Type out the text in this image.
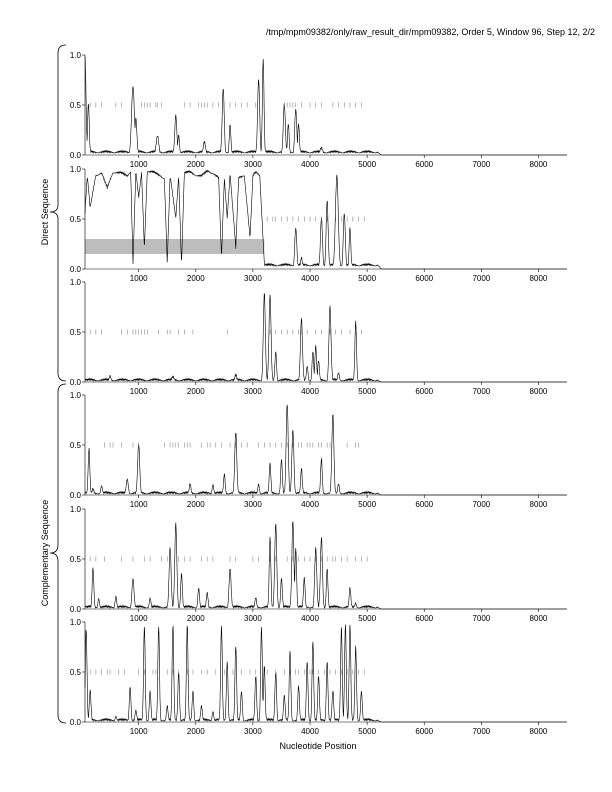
/tmp/mpm09382/only/raw_result_dir/mpm09382, Order 5, Window 96, Step 12, 2/2
0.0
0.5
1.0
1000	2000	3000	4000	5000	6000	7000	8000
0.0
0.5
1.0
1000	2000	3000	4000	5000	6000	7000	8000
0.0
0.5
1.0
1000	2000	3000	4000	5000	6000	7000	8000
0.0
0.5
1.0
1000	2000	3000	4000	5000	6000	7000	8000
0.0
0.5
1.0
1000	2000	3000	4000	5000	6000	7000	8000
0.0
0.5
1.0
1000	2000	3000	4000	5000	6000	7000	8000
Direct Sequence
Complementary Sequence
Nucleotide Position
